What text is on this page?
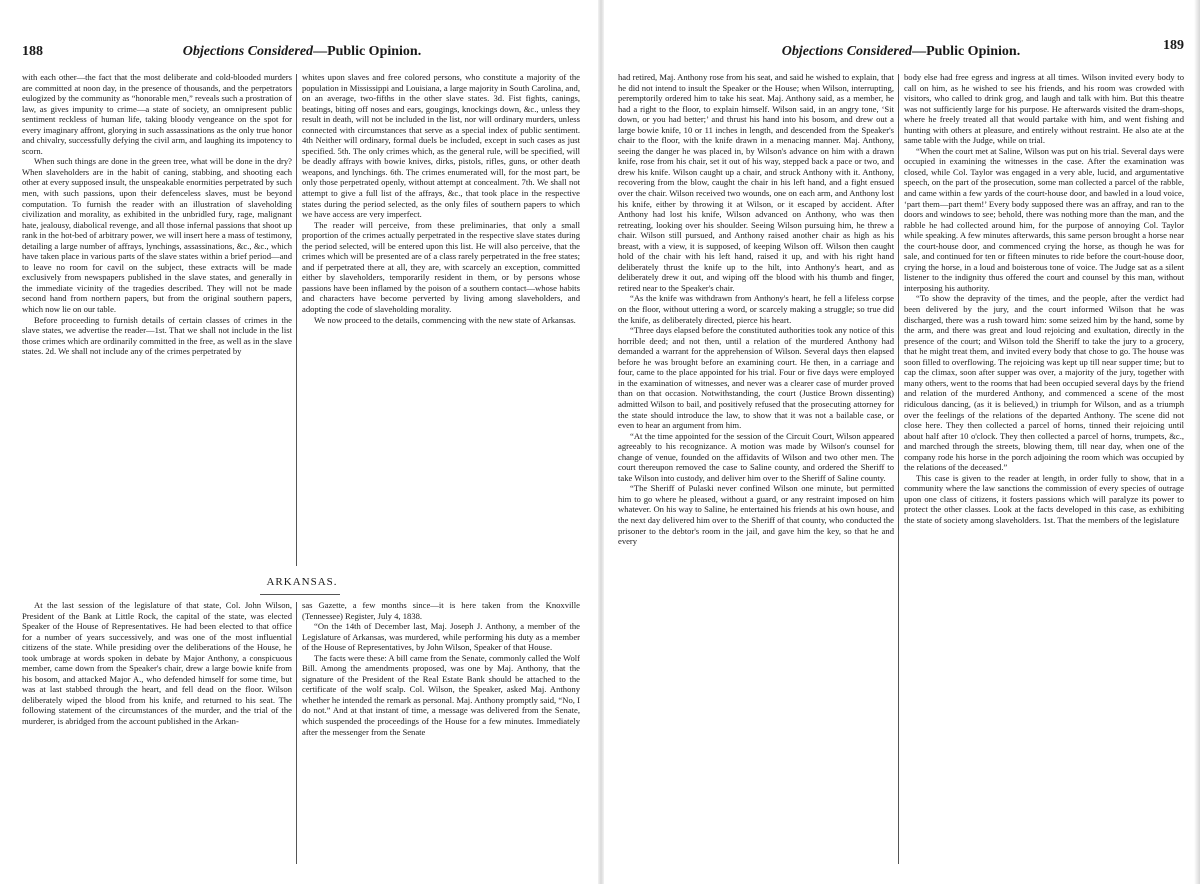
188	Objections Considered—Public Opinion.

with each other—the fact that the most deliberate and cold-blooded murders are committed at noon day, in the presence of thousands, and the perpetrators eulogized by the community as “honorable men,” reveals such a prostration of law, as gives impunity to crime—a state of society, an omnipresent public sentiment reckless of human life, taking bloody vengeance on the spot for every imaginary affront, glorying in such assassinations as the only true honor and chivalry, successfully defying the civil arm, and laughing its impotency to scorn.

When such things are done in the green tree, what will be done in the dry? When slaveholders are in the habit of caning, stabbing, and shooting each other at every supposed insult, the unspeakable enormities perpetrated by such men, with such passions, upon their defenceless slaves, must be beyond computation. To furnish the reader with an illustration of slaveholding civilization and morality, as exhibited in the unbridled fury, rage, malignant hate, jealousy, diabolical revenge, and all those infernal passions that shoot up rank in the hot-bed of arbitrary power, we will insert here a mass of testimony, detailing a large number of affrays, lynchings, assassinations, &c., &c., which have taken place in various parts of the slave states within a brief period—and to leave no room for cavil on the subject, these extracts will be made exclusively from newspapers published in the slave states, and generally in the immediate vicinity of the tragedies described. They will not be made second hand from northern papers, but from the original southern papers, which now lie on our table.

Before proceeding to furnish details of certain classes of crimes in the slave states, we advertise the reader—1st. That we shall not include in the list those crimes which are ordinarily committed in the free, as well as in the slave states. 2d. We shall not include any of the crimes perpetrated by

whites upon slaves and free colored persons, who constitute a majority of the population in Mississippi and Louisiana, a large majority in South Carolina, and, on an average, two-fifths in the other slave states. 3d. Fist fights, canings, beatings, biting off noses and ears, gougings, knockings down, &c., unless they result in death, will not be included in the list, nor will ordinary murders, unless connected with circumstances that serve as a special index of public sentiment. 4th Neither will ordinary, formal duels be included, except in such cases as just specified. 5th. The only crimes which, as the general rule, will be specified, will be deadly affrays with bowie knives, dirks, pistols, rifles, guns, or other death weapons, and lynchings. 6th. The crimes enumerated will, for the most part, be only those perpetrated openly, without attempt at concealment. 7th. We shall not attempt to give a full list of the affrays, &c., that took place in the respective states during the period selected, as the only files of southern papers to which we have access are very imperfect.

The reader will perceive, from these preliminaries, that only a small proportion of the crimes actually perpetrated in the respective slave states during the period selected, will be entered upon this list. He will also perceive, that the crimes which will be presented are of a class rarely perpetrated in the free states; and if perpetrated there at all, they are, with scarcely an exception, committed either by slaveholders, temporarily resident in them, or by persons whose passions have been inflamed by the poison of a southern contact—whose habits and characters have become perverted by living among slaveholders, and adopting the code of slaveholding morality.

We now proceed to the details, commencing with the new state of Arkansas.

ARKANSAS.

At the last session of the legislature of that state, Col. John Wilson, President of the Bank at Little Rock, the capital of the state, was elected Speaker of the House of Representatives. He had been elected to that office for a number of years successively, and was one of the most influential citizens of the state. While presiding over the deliberations of the House, he took umbrage at words spoken in debate by Major Anthony, a conspicuous member, came down from the Speaker's chair, drew a large bowie knife from his bosom, and attacked Major A., who defended himself for some time, but was at last stabbed through the heart, and fell dead on the floor. Wilson deliberately wiped the blood from his knife, and returned to his seat. The following statement of the circumstances of the murder, and the trial of the murderer, is abridged from the account published in the Arkan-

sas Gazette, a few months since—it is here taken from the Knoxville (Tennessee) Register, July 4, 1838.

“On the 14th of December last, Maj. Joseph J. Anthony, a member of the Legislature of Arkansas, was murdered, while performing his duty as a member of the House of Representatives, by John Wilson, Speaker of that House.

The facts were these: A bill came from the Senate, commonly called the Wolf Bill. Among the amendments proposed, was one by Maj. Anthony, that the signature of the President of the Real Estate Bank should be attached to the certificate of the wolf scalp. Col. Wilson, the Speaker, asked Maj. Anthony whether he intended the remark as personal. Maj. Anthony promptly said, “No, I do not.” And at that instant of time, a message was delivered from the Senate, which suspended the proceedings of the House for a few minutes. Immediately after the messenger from the Senate

Objections Considered—Public Opinion.	189

had retired, Maj. Anthony rose from his seat, and said he wished to explain, that he did not intend to insult the Speaker or the House; when Wilson, interrupting, peremptorily ordered him to take his seat. Maj. Anthony said, as a member, he had a right to the floor, to explain himself. Wilson said, in an angry tone, ‘Sit down, or you had better;’ and thrust his hand into his bosom, and drew out a large bowie knife, 10 or 11 inches in length, and descended from the Speaker's chair to the floor, with the knife drawn in a menacing manner. Maj. Anthony, seeing the danger he was placed in, by Wilson's advance on him with a drawn knife, rose from his chair, set it out of his way, stepped back a pace or two, and drew his knife. Wilson caught up a chair, and struck Anthony with it. Anthony, recovering from the blow, caught the chair in his left hand, and a fight ensued over the chair. Wilson received two wounds, one on each arm, and Anthony lost his knife, either by throwing it at Wilson, or it escaped by accident. After Anthony had lost his knife, Wilson advanced on Anthony, who was then retreating, looking over his shoulder. Seeing Wilson pursuing him, he threw a chair. Wilson still pursued, and Anthony raised another chair as high as his breast, with a view, it is supposed, of keeping Wilson off. Wilson then caught hold of the chair with his left hand, raised it up, and with his right hand deliberately thrust the knife up to the hilt, into Anthony's heart, and as deliberately drew it out, and wiping off the blood with his thumb and finger, retired near to the Speaker's chair.

“As the knife was withdrawn from Anthony's heart, he fell a lifeless corpse on the floor, without uttering a word, or scarcely making a struggle; so true did the knife, as deliberately directed, pierce his heart.

“Three days elapsed before the constituted authorities took any notice of this horrible deed; and not then, until a relation of the murdered Anthony had demanded a warrant for the apprehension of Wilson. Several days then elapsed before he was brought before an examining court. He then, in a carriage and four, came to the place appointed for his trial. Four or five days were employed in the examination of witnesses, and never was a clearer case of murder proved than on that occasion. Notwithstanding, the court (Justice Brown dissenting) admitted Wilson to bail, and positively refused that the prosecuting attorney for the state should introduce the law, to show that it was not a bailable case, or even to hear an argument from him.

“At the time appointed for the session of the Circuit Court, Wilson appeared agreeably to his recognizance. A motion was made by Wilson's counsel for change of venue, founded on the affidavits of Wilson and two other men. The court thereupon removed the case to Saline county, and ordered the Sheriff to take Wilson into custody, and deliver him over to the Sheriff of Saline county.

“The Sheriff of Pulaski never confined Wilson one minute, but permitted him to go where he pleased, without a guard, or any restraint imposed on him whatever. On his way to Saline, he entertained his friends at his own house, and the next day delivered him over to the Sheriff of that county, who conducted the prisoner to the debtor's room in the jail, and gave him the key, so that he and every

body else had free egress and ingress at all times. Wilson invited every body to call on him, as he wished to see his friends, and his room was crowded with visitors, who called to drink grog, and laugh and talk with him. But this theatre was not sufficiently large for his purpose. He afterwards visited the dram-shops, where he freely treated all that would partake with him, and went fishing and hunting with others at pleasure, and entirely without restraint. He also ate at the same table with the Judge, while on trial.

“When the court met at Saline, Wilson was put on his trial. Several days were occupied in examining the witnesses in the case. After the examination was closed, while Col. Taylor was engaged in a very able, lucid, and argumentative speech, on the part of the prosecution, some man collected a parcel of the rabble, and came within a few yards of the court-house door, and bawled in a loud voice, ‘part them—part them!’ Every body supposed there was an affray, and ran to the doors and windows to see; behold, there was nothing more than the man, and the rabble he had collected around him, for the purpose of annoying Col. Taylor while speaking. A few minutes afterwards, this same person brought a horse near the court-house door, and commenced crying the horse, as though he was for sale, and continued for ten or fifteen minutes to ride before the court-house door, crying the horse, in a loud and boisterous tone of voice. The Judge sat as a silent listener to the indignity thus offered the court and counsel by this man, without interposing his authority.

“To show the depravity of the times, and the people, after the verdict had been delivered by the jury, and the court informed Wilson that he was discharged, there was a rush toward him: some seized him by the hand, some by the arm, and there was great and loud rejoicing and exultation, directly in the presence of the court; and Wilson told the Sheriff to take the jury to a grocery, that he might treat them, and invited every body that chose to go. The house was soon filled to overflowing. The rejoicing was kept up till near supper time; but to cap the climax, soon after supper was over, a majority of the jury, together with many others, went to the rooms that had been occupied several days by the friend and relation of the murdered Anthony, and commenced a scene of the most ridiculous dancing, (as it is believed,) in triumph for Wilson, and as a triumph over the feelings of the relations of the departed Anthony. The scene did not close here. They then collected a parcel of horns, tinned their rejoicing until about half after 10 o'clock. They then collected a parcel of horns, trumpets, &c., and marched through the streets, blowing them, till near day, when one of the company rode his horse in the porch adjoining the room which was occupied by the relations of the deceased.”

This case is given to the reader at length, in order fully to show, that in a community where the law sanctions the commission of every species of outrage upon one class of citizens, it fosters passions which will paralyze its power to protect the other classes. Look at the facts developed in this case, as exhibiting the state of society among slaveholders. 1st. That the members of the legislature
